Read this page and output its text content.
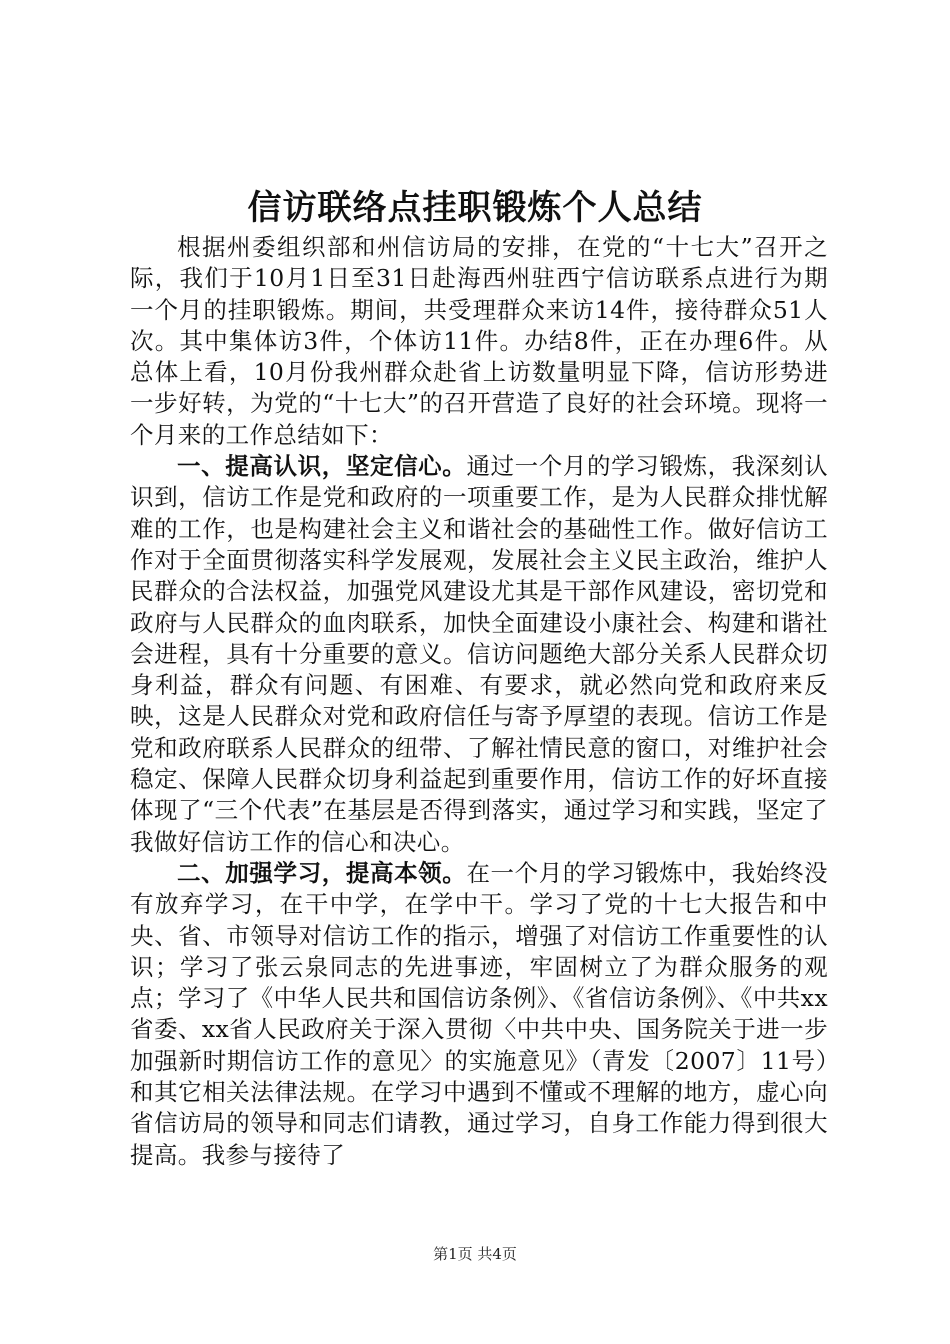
信访联络点挂职锻炼个人总结

根据州委组织部和州信访局的安排，在党的“十七大”召开之际，我们于10月1日至31日赴海西州驻西宁信访联系点进行为期一个月的挂职锻炼。期间，共受理群众来访14件，接待群众51人次。其中集体访3件，个体访11件。办结8件，正在办理6件。从总体上看，10月份我州群众赴省上访数量明显下降，信访形势进一步好转，为党的“十七大”的召开营造了良好的社会环境。现将一个月来的工作总结如下：

一、提高认识，坚定信心。通过一个月的学习锻炼，我深刻认识到，信访工作是党和政府的一项重要工作，是为人民群众排忧解难的工作，也是构建社会主义和谐社会的基础性工作。做好信访工作对于全面贯彻落实科学发展观，发展社会主义民主政治，维护人民群众的合法权益，加强党风建设尤其是干部作风建设，密切党和政府与人民群众的血肉联系，加快全面建设小康社会、构建和谐社会进程，具有十分重要的意义。信访问题绝大部分关系人民群众切身利益，群众有问题、有困难、有要求，就必然向党和政府来反映，这是人民群众对党和政府信任与寄予厚望的表现。信访工作是党和政府联系人民群众的纽带、了解社情民意的窗口，对维护社会稳定、保障人民群众切身利益起到重要作用，信访工作的好坏直接体现了“三个代表”在基层是否得到落实，通过学习和实践，坚定了我做好信访工作的信心和决心。

二、加强学习，提高本领。在一个月的学习锻炼中，我始终没有放弃学习，在干中学，在学中干。学习了党的十七大报告和中央、省、市领导对信访工作的指示，增强了对信访工作重要性的认识；学习了张云泉同志的先进事迹，牢固树立了为群众服务的观点；学习了《中华人民共和国信访条例》、《省信访条例》、《中共xx省委、xx省人民政府关于深入贯彻〈中共中央、国务院关于进一步加强新时期信访工作的意见〉的实施意见》（青发〔2007〕11号）和其它相关法律法规。在学习中遇到不懂或不理解的地方，虚心向省信访局的领导和同志们请教，通过学习，自身工作能力得到很大提高。我参与接待了

第1页 共4页
